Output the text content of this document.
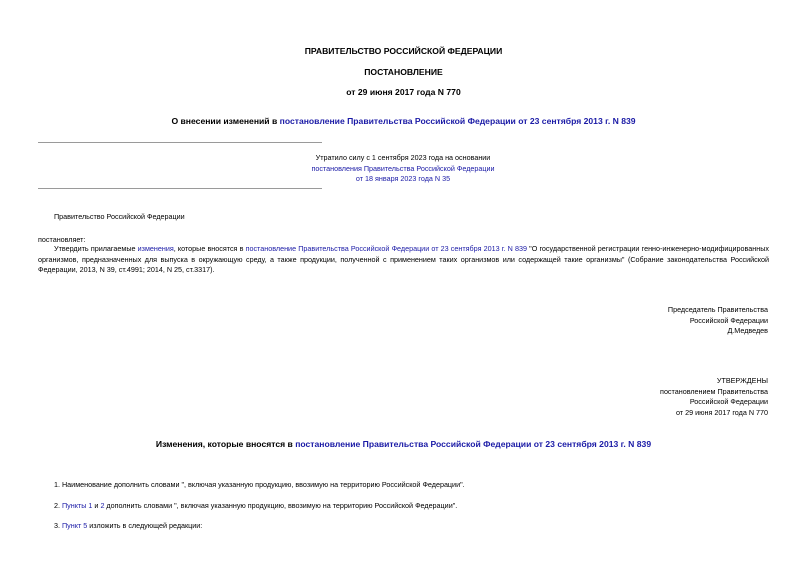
ПРАВИТЕЛЬСТВО РОССИЙСКОЙ ФЕДЕРАЦИИ
ПОСТАНОВЛЕНИЕ
от 29 июня 2017 года N 770
О внесении изменений в постановление Правительства Российской Федерации от 23 сентября 2013 г. N 839
Утратило силу с 1 сентября 2023 года на основании
постановления Правительства Российской Федерации
от 18 января 2023 года N 35
Правительство Российской Федерации
постановляет:
Утвердить прилагаемые изменения, которые вносятся в постановление Правительства Российской Федерации от 23 сентября 2013 г. N 839 "О государственной регистрации генно-инженерно-модифицированных организмов, предназначенных для выпуска в окружающую среду, а также продукции, полученной с применением таких организмов или содержащей такие организмы" (Собрание законодательства Российской Федерации, 2013, N 39, ст.4991; 2014, N 25, ст.3317).
Председатель Правительства
Российской Федерации
Д.Медведев
УТВЕРЖДЕНЫ
постановлением Правительства
Российской Федерации
от 29 июня 2017 года N 770
Изменения, которые вносятся в постановление Правительства Российской Федерации от 23 сентября 2013 г. N 839
1. Наименование дополнить словами ", включая указанную продукцию, ввозимую на территорию Российской Федерации".
2. Пункты 1 и 2 дополнить словами ", включая указанную продукцию, ввозимую на территорию Российской Федерации".
3. Пункт 5 изложить в следующей редакции:
